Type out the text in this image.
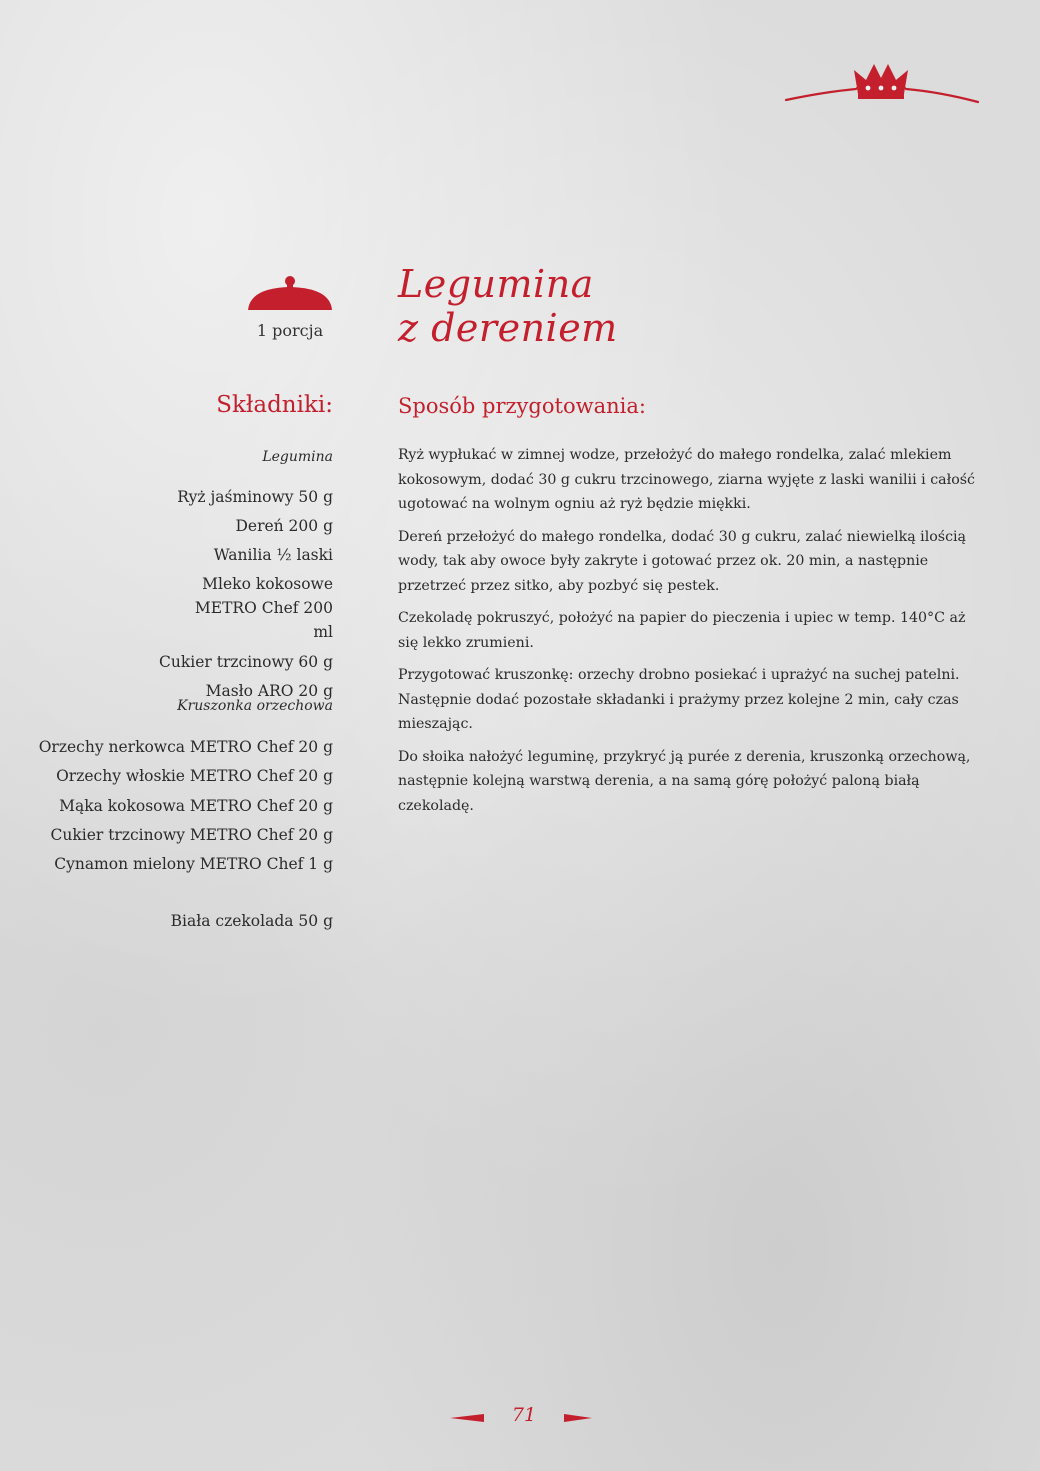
1 porcja
Legumina
z dereniem
Składniki:
Legumina
Ryż jaśminowy 50 g
Dereń 200 g
Wanilia ½ laski
Mleko kokosowe METRO Chef 200 ml
Cukier trzcinowy 60 g
Masło ARO 20 g
Kruszonka orzechowa
Orzechy nerkowca METRO Chef 20 g
Orzechy włoskie METRO Chef 20 g
Mąka kokosowa METRO Chef 20 g
Cukier trzcinowy METRO Chef 20 g
Cynamon mielony METRO Chef 1 g
Biała czekolada 50 g
Sposób przygotowania:

Ryż wypłukać w zimnej wodze, przełożyć do małego rondelka, zalać mlekiem kokosowym, dodać 30 g cukru trzcinowego, ziarna wyjęte z laski wanilii i całość ugotować na wolnym ogniu aż ryż będzie miękki.

Dereń przełożyć do małego rondelka, dodać 30 g cukru, zalać niewielką ilością wody, tak aby owoce były zakryte i gotować przez ok. 20 min, a następnie przetrzeć przez sitko, aby pozbyć się pestek.

Czekoladę pokruszyć, położyć na papier do pieczenia i upiec w temp. 140°C aż się lekko zrumieni.

Przygotować kruszonkę: orzechy drobno posiekać i uprażyć na suchej patelni. Następnie dodać pozostałe składanki i prażymy przez kolejne 2 min, cały czas mieszając.

Do słoika nałożyć leguminę, przykryć ją purée z derenia, kruszonką orzechową, następnie kolejną warstwą derenia, a na samą górę położyć paloną białą czekoladę.

71
